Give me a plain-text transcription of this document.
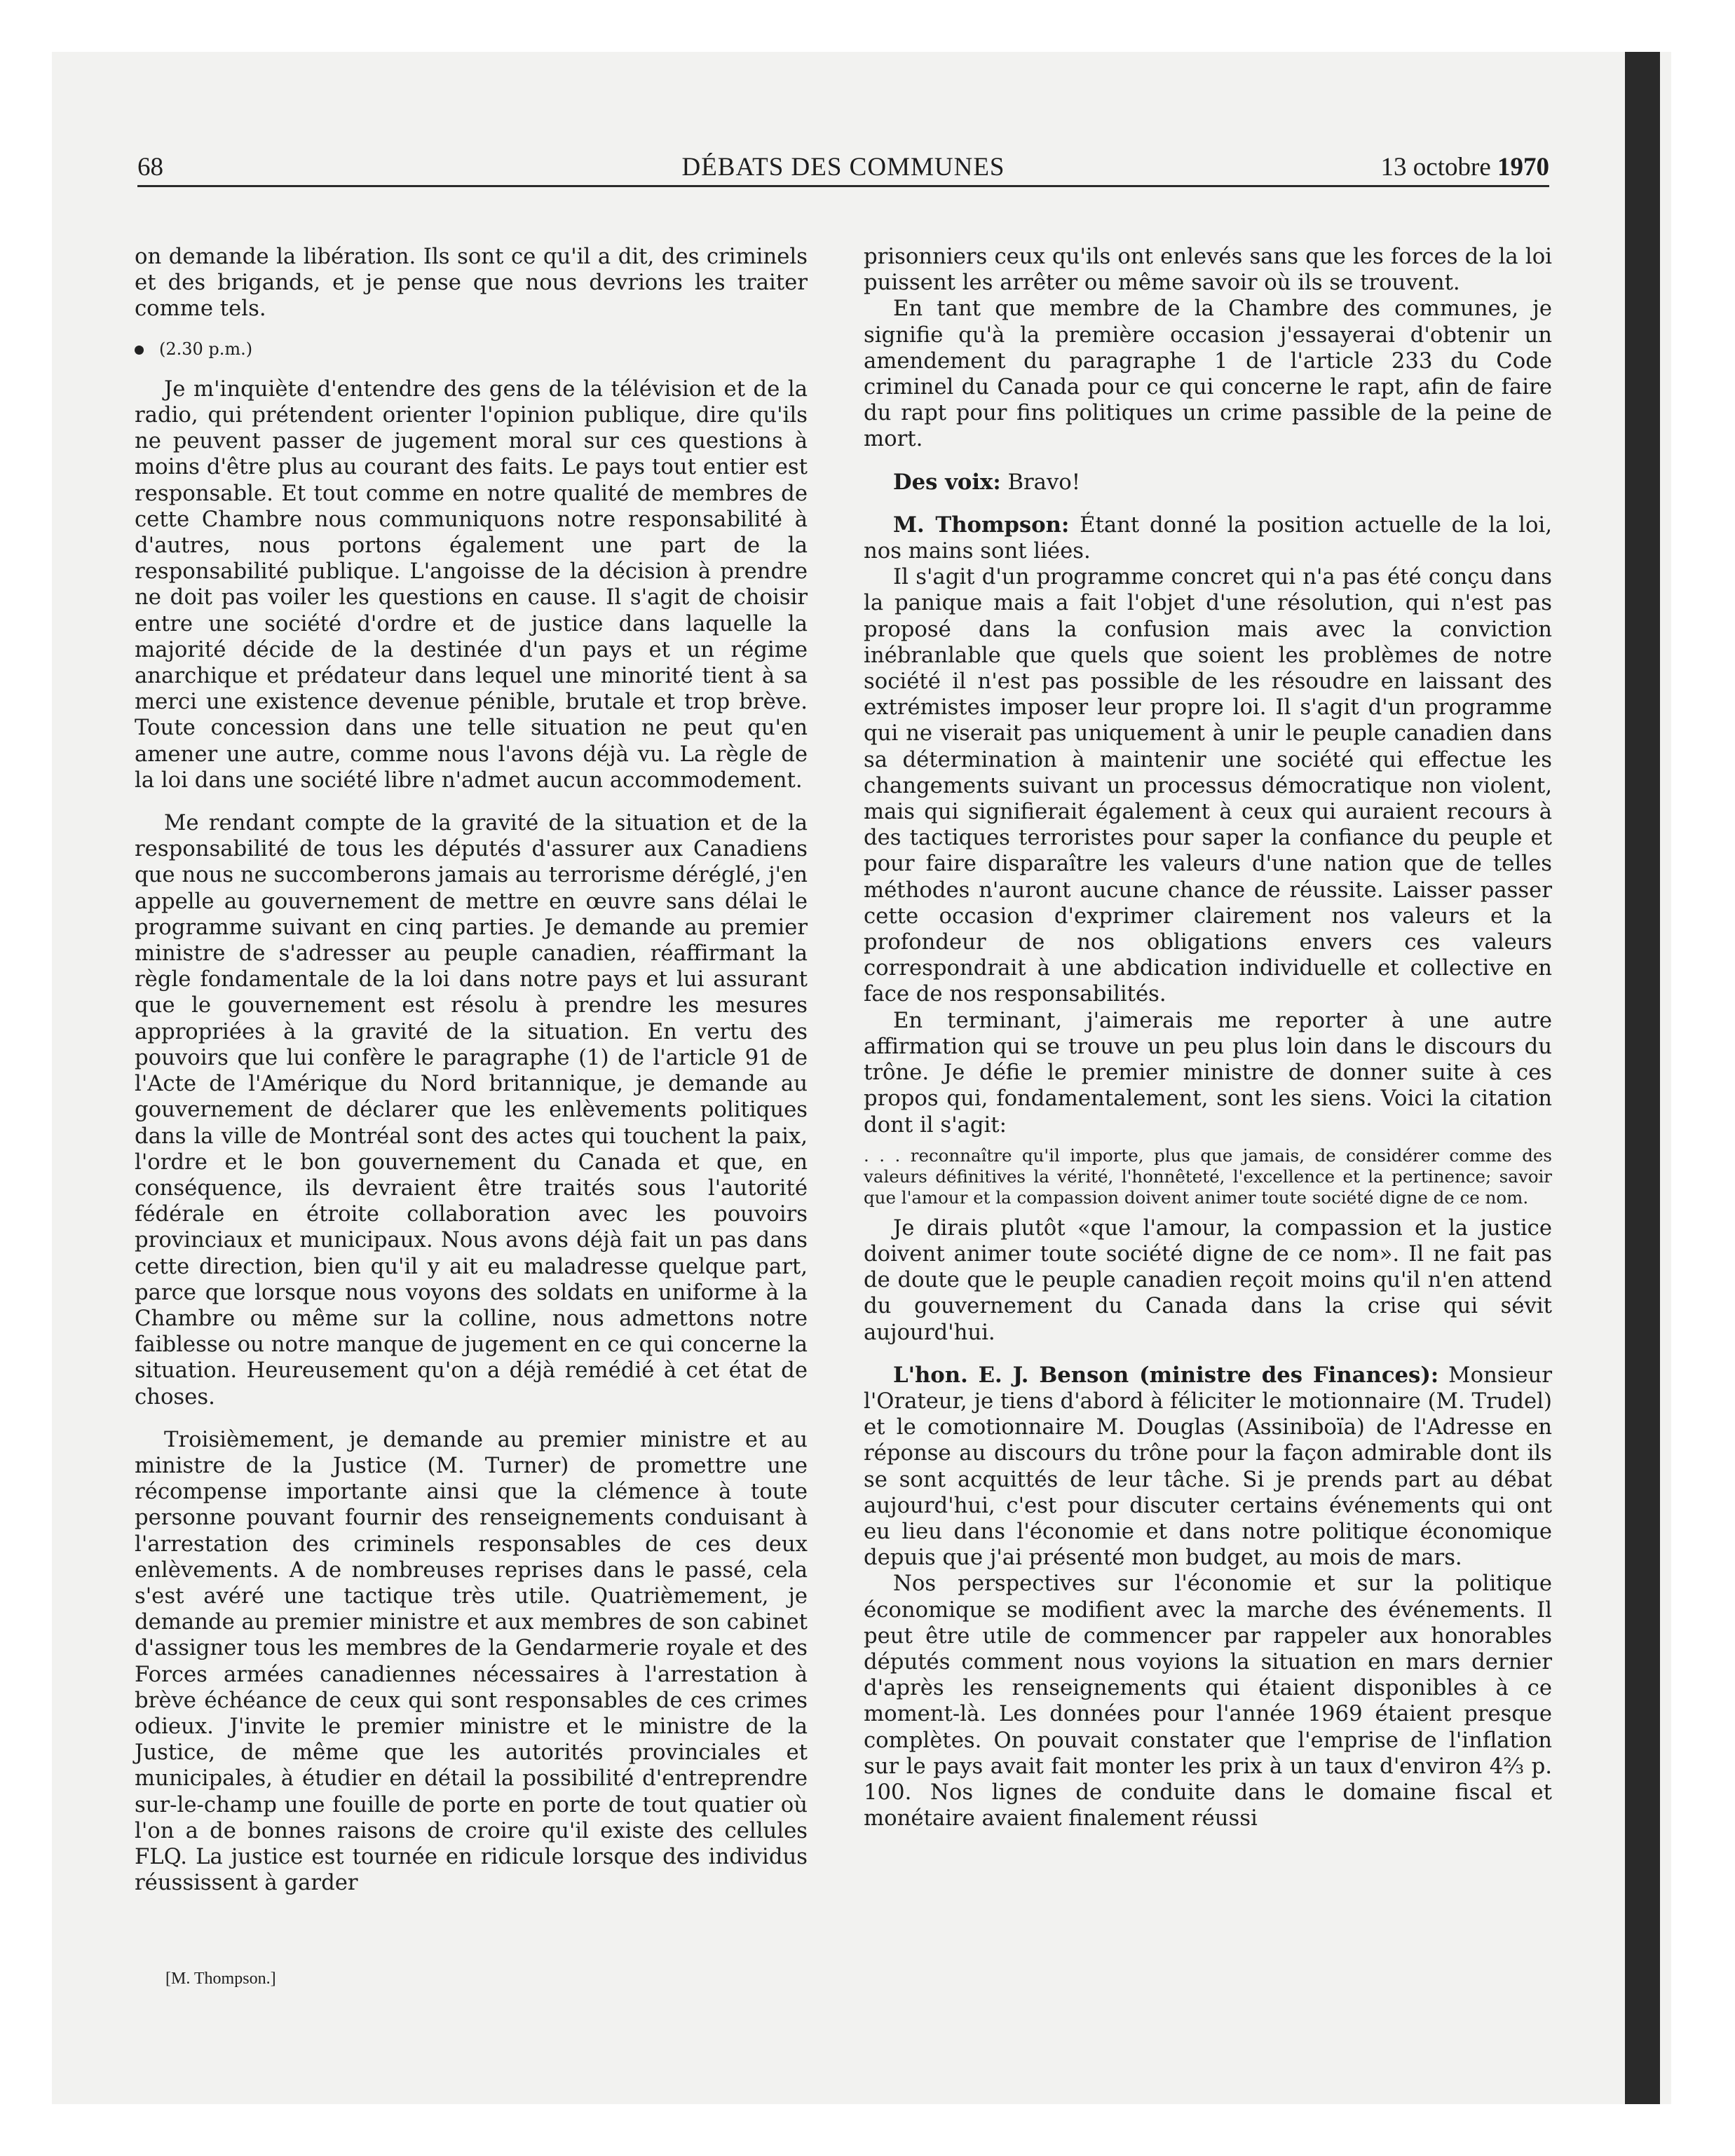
68	DÉBATS DES COMMUNES	13 octobre 1970

on demande la libération. Ils sont ce qu'il a dit, des criminels et des brigands, et je pense que nous devrions les traiter comme tels.

(2.30 p.m.)

Je m'inquiète d'entendre des gens de la télévision et de la radio, qui prétendent orienter l'opinion publique, dire qu'ils ne peuvent passer de jugement moral sur ces questions à moins d'être plus au courant des faits. Le pays tout entier est responsable. Et tout comme en notre qualité de membres de cette Chambre nous communiquons notre responsabilité à d'autres, nous portons également une part de la responsabilité publique. L'angoisse de la décision à prendre ne doit pas voiler les questions en cause. Il s'agit de choisir entre une société d'ordre et de justice dans laquelle la majorité décide de la destinée d'un pays et un régime anarchique et prédateur dans lequel une minorité tient à sa merci une existence devenue pénible, brutale et trop brève. Toute concession dans une telle situation ne peut qu'en amener une autre, comme nous l'avons déjà vu. La règle de la loi dans une société libre n'admet aucun accommodement.

Me rendant compte de la gravité de la situation et de la responsabilité de tous les députés d'assurer aux Canadiens que nous ne succomberons jamais au terrorisme déréglé, j'en appelle au gouvernement de mettre en œuvre sans délai le programme suivant en cinq parties. Je demande au premier ministre de s'adresser au peuple canadien, réaffirmant la règle fondamentale de la loi dans notre pays et lui assurant que le gouvernement est résolu à prendre les mesures appropriées à la gravité de la situation. En vertu des pouvoirs que lui confère le paragraphe (1) de l'article 91 de l'Acte de l'Amérique du Nord britannique, je demande au gouvernement de déclarer que les enlèvements politiques dans la ville de Montréal sont des actes qui touchent la paix, l'ordre et le bon gouvernement du Canada et que, en conséquence, ils devraient être traités sous l'autorité fédérale en étroite collaboration avec les pouvoirs provinciaux et municipaux. Nous avons déjà fait un pas dans cette direction, bien qu'il y ait eu maladresse quelque part, parce que lorsque nous voyons des soldats en uniforme à la Chambre ou même sur la colline, nous admettons notre faiblesse ou notre manque de jugement en ce qui concerne la situation. Heureusement qu'on a déjà remédié à cet état de choses.

Troisièmement, je demande au premier ministre et au ministre de la Justice (M. Turner) de promettre une récompense importante ainsi que la clémence à toute personne pouvant fournir des renseignements conduisant à l'arrestation des criminels responsables de ces deux enlèvements. A de nombreuses reprises dans le passé, cela s'est avéré une tactique très utile. Quatrièmement, je demande au premier ministre et aux membres de son cabinet d'assigner tous les membres de la Gendarmerie royale et des Forces armées canadiennes nécessaires à l'arrestation à brève échéance de ceux qui sont responsables de ces crimes odieux. J'invite le premier ministre et le ministre de la Justice, de même que les autorités provinciales et municipales, à étudier en détail la possibilité d'entreprendre sur-le-champ une fouille de porte en porte de tout quatier où l'on a de bonnes raisons de croire qu'il existe des cellules FLQ. La justice est tournée en ridicule lorsque des individus réussissent à garder

[M. Thompson.]

prisonniers ceux qu'ils ont enlevés sans que les forces de la loi puissent les arrêter ou même savoir où ils se trouvent.

En tant que membre de la Chambre des communes, je signifie qu'à la première occasion j'essayerai d'obtenir un amendement du paragraphe 1 de l'article 233 du Code criminel du Canada pour ce qui concerne le rapt, afin de faire du rapt pour fins politiques un crime passible de la peine de mort.

Des voix: Bravo!

M. Thompson: Étant donné la position actuelle de la loi, nos mains sont liées.

Il s'agit d'un programme concret qui n'a pas été conçu dans la panique mais a fait l'objet d'une résolution, qui n'est pas proposé dans la confusion mais avec la conviction inébranlable que quels que soient les problèmes de notre société il n'est pas possible de les résoudre en laissant des extrémistes imposer leur propre loi. Il s'agit d'un programme qui ne viserait pas uniquement à unir le peuple canadien dans sa détermination à maintenir une société qui effectue les changements suivant un processus démocratique non violent, mais qui signifierait également à ceux qui auraient recours à des tactiques terroristes pour saper la confiance du peuple et pour faire disparaître les valeurs d'une nation que de telles méthodes n'auront aucune chance de réussite. Laisser passer cette occasion d'exprimer clairement nos valeurs et la profondeur de nos obligations envers ces valeurs correspondrait à une abdication individuelle et collective en face de nos responsabilités.

En terminant, j'aimerais me reporter à une autre affirmation qui se trouve un peu plus loin dans le discours du trône. Je défie le premier ministre de donner suite à ces propos qui, fondamentalement, sont les siens. Voici la citation dont il s'agit:

. . . reconnaître qu'il importe, plus que jamais, de considérer comme des valeurs définitives la vérité, l'honnêteté, l'excellence et la pertinence; savoir que l'amour et la compassion doivent animer toute société digne de ce nom.

Je dirais plutôt «que l'amour, la compassion et la justice doivent animer toute société digne de ce nom». Il ne fait pas de doute que le peuple canadien reçoit moins qu'il n'en attend du gouvernement du Canada dans la crise qui sévit aujourd'hui.

L'hon. E. J. Benson (ministre des Finances): Monsieur l'Orateur, je tiens d'abord à féliciter le motionnaire (M. Trudel) et le comotionnaire M. Douglas (Assiniboïa) de l'Adresse en réponse au discours du trône pour la façon admirable dont ils se sont acquittés de leur tâche. Si je prends part au débat aujourd'hui, c'est pour discuter certains événements qui ont eu lieu dans l'économie et dans notre politique économique depuis que j'ai présenté mon budget, au mois de mars.

Nos perspectives sur l'économie et sur la politique économique se modifient avec la marche des événements. Il peut être utile de commencer par rappeler aux honorables députés comment nous voyions la situation en mars dernier d'après les renseignements qui étaient disponibles à ce moment-là. Les données pour l'année 1969 étaient presque complètes. On pouvait constater que l'emprise de l'inflation sur le pays avait fait monter les prix à un taux d'environ 4⅔ p. 100. Nos lignes de conduite dans le domaine fiscal et monétaire avaient finalement réussi
